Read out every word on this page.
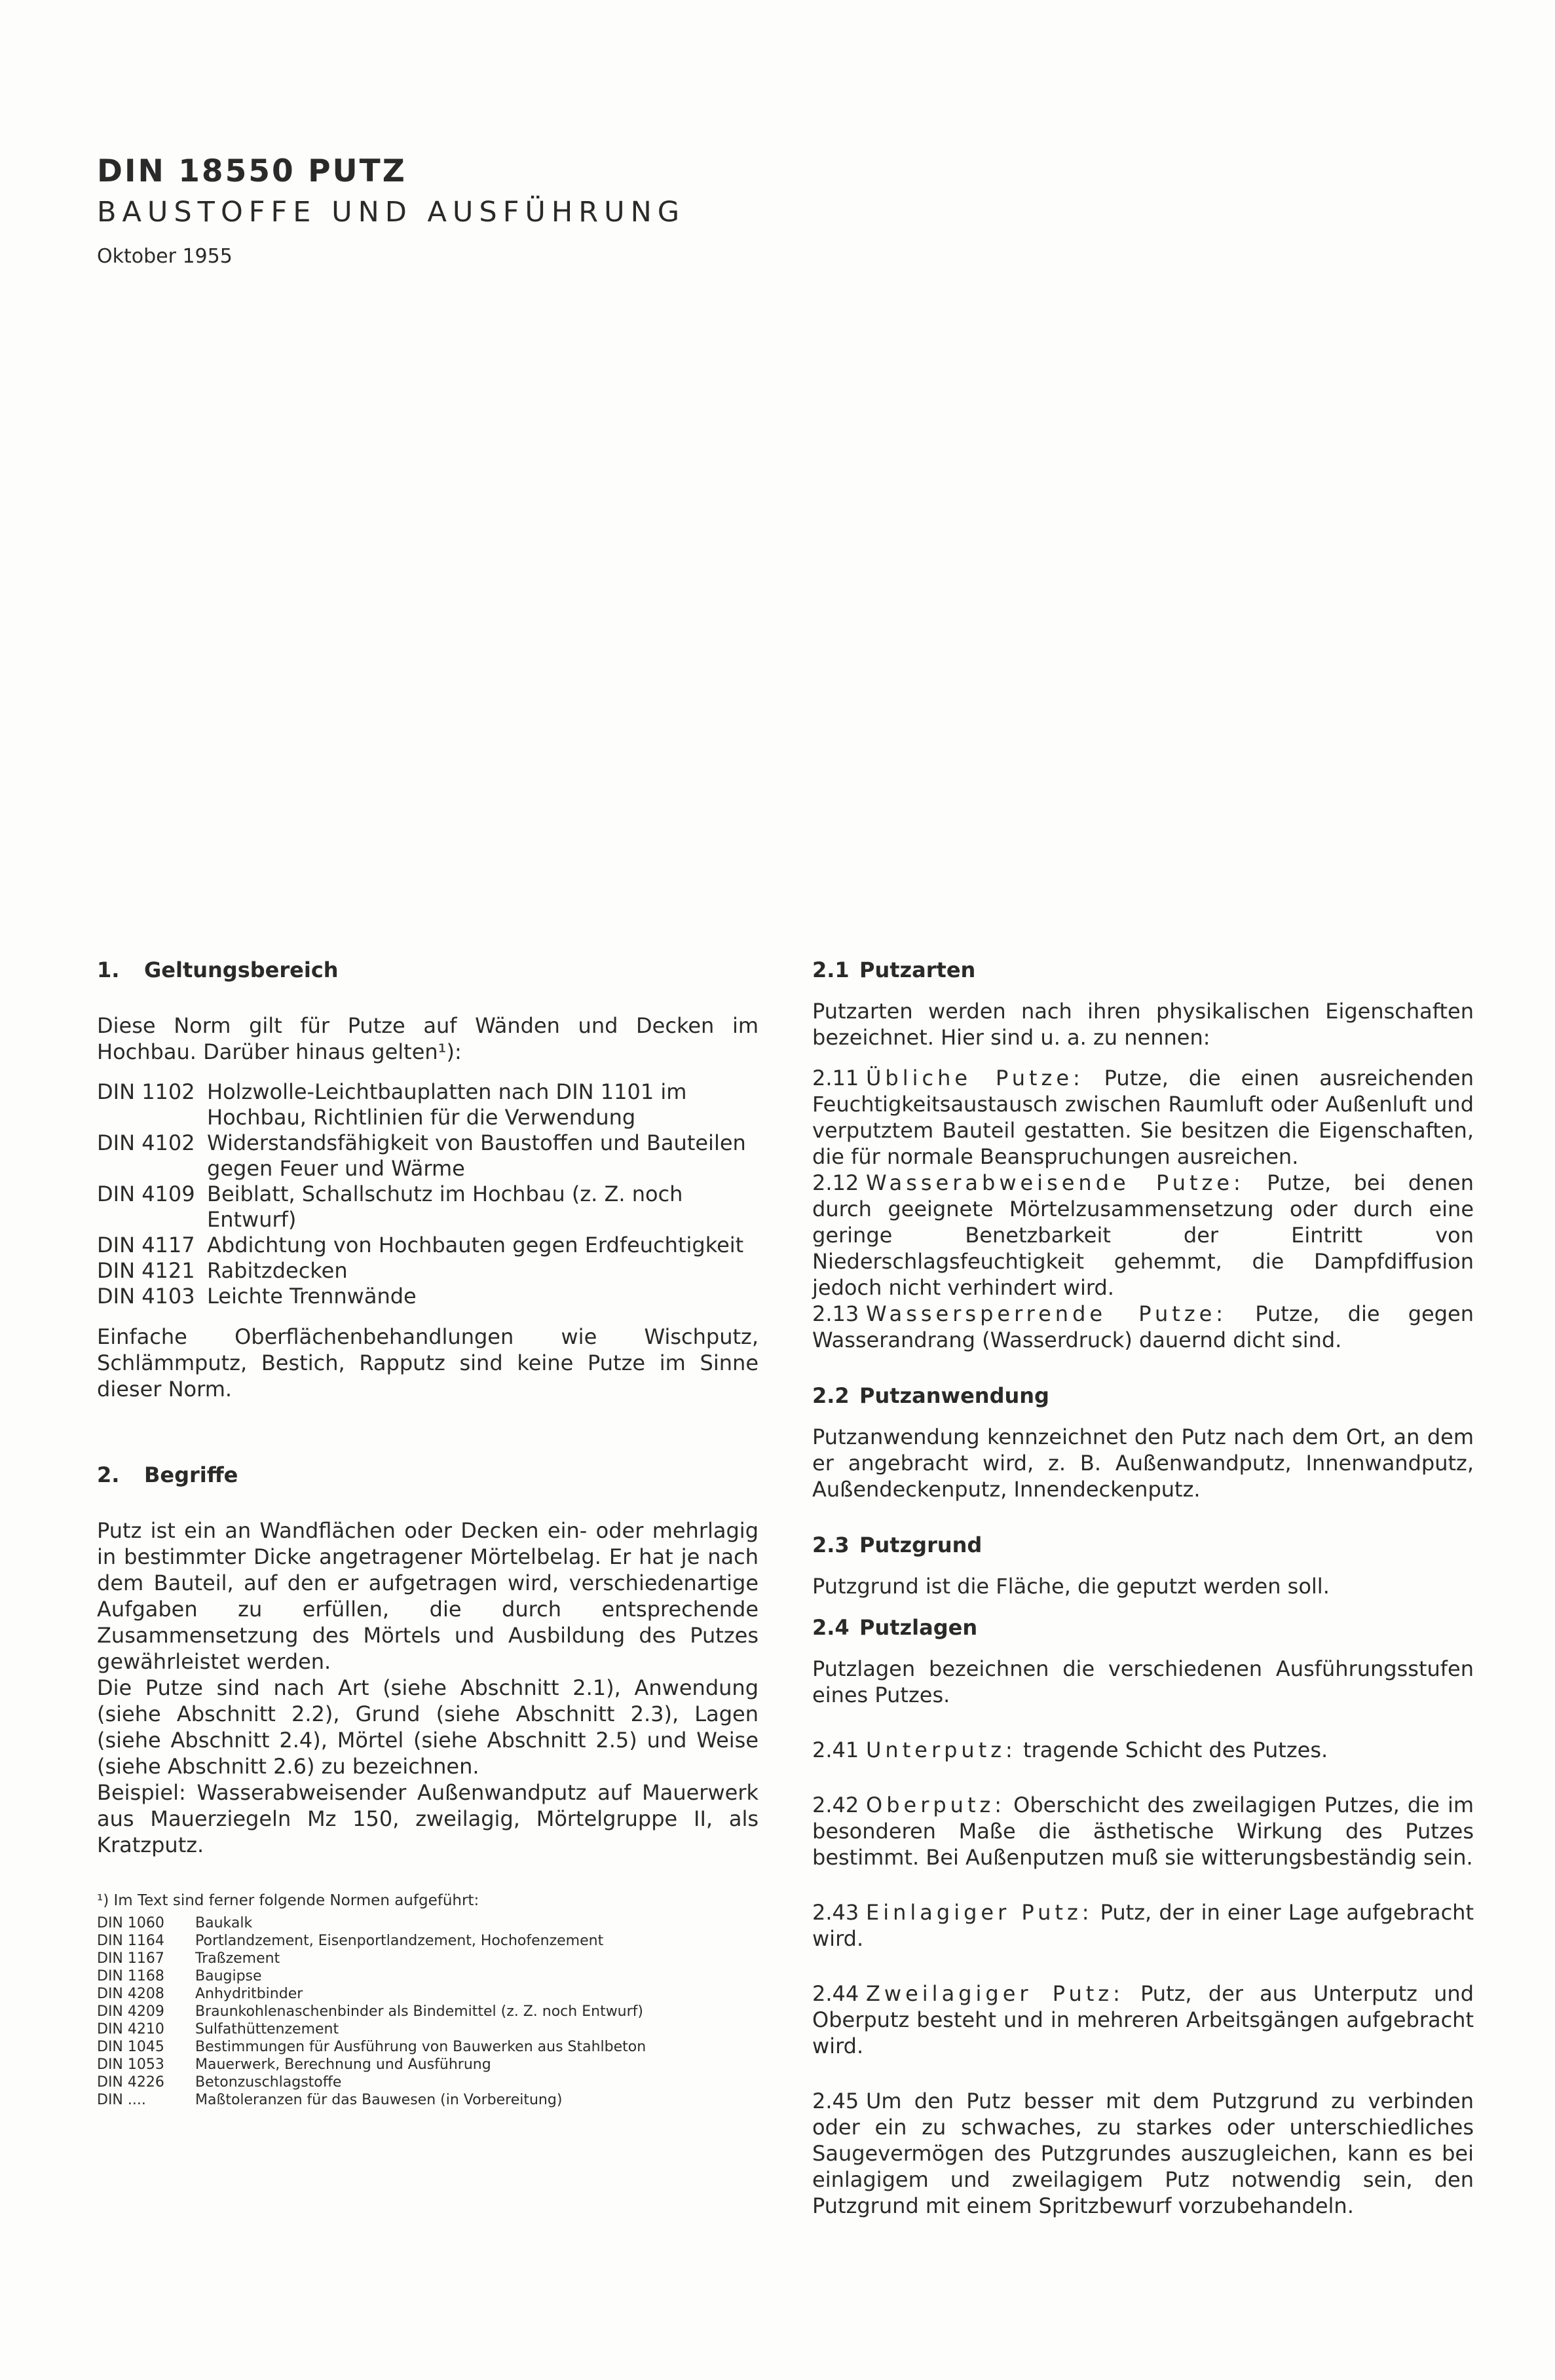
DIN 18550 PUTZ
BAUSTOFFE UND AUSFÜHRUNG
Oktober 1955
1. Geltungsbereich

Diese Norm gilt für Putze auf Wänden und Decken im Hochbau. Darüber hinaus gelten¹):

DIN 1102 Holzwolle-Leichtbauplatten nach DIN 1101 im Hochbau, Richtlinien für die Verwendung
DIN 4102 Widerstandsfähigkeit von Baustoffen und Bauteilen gegen Feuer und Wärme
DIN 4109 Beiblatt, Schallschutz im Hochbau (z. Z. noch Entwurf)
DIN 4117 Abdichtung von Hochbauten gegen Erdfeuchtigkeit
DIN 4121 Rabitzdecken
DIN 4103 Leichte Trennwände

Einfache Oberflächenbehandlungen wie Wischputz, Schlämmputz, Bestich, Rapputz sind keine Putze im Sinne dieser Norm.

2. Begriffe

Putz ist ein an Wandflächen oder Decken ein- oder mehrlagig in bestimmter Dicke angetragener Mörtelbelag. Er hat je nach dem Bauteil, auf den er aufgetragen wird, verschiedenartige Aufgaben zu erfüllen, die durch entsprechende Zusammensetzung des Mörtels und Ausbildung des Putzes gewährleistet werden.

Die Putze sind nach Art (siehe Abschnitt 2.1), Anwendung (siehe Abschnitt 2.2), Grund (siehe Abschnitt 2.3), Lagen (siehe Abschnitt 2.4), Mörtel (siehe Abschnitt 2.5) und Weise (siehe Abschnitt 2.6) zu bezeichnen.

Beispiel: Wasserabweisender Außenwandputz auf Mauerwerk aus Mauerziegeln Mz 150, zweilagig, Mörtelgruppe II, als Kratzputz.

¹) Im Text sind ferner folgende Normen aufgeführt:
DIN 1060	Baukalk
DIN 1164	Portlandzement, Eisenportlandzement, Hochofenzement
DIN 1167	Traßzement
DIN 1168	Baugipse
DIN 4208	Anhydritbinder
DIN 4209	Braunkohlenaschenbinder als Bindemittel (z. Z. noch Entwurf)
DIN 4210	Sulfathüttenzement
DIN 1045	Bestimmungen für Ausführung von Bauwerken aus Stahlbeton
DIN 1053	Mauerwerk, Berechnung und Ausführung
DIN 4226	Betonzuschlagstoffe
DIN ....	Maßtoleranzen für das Bauwesen (in Vorbereitung)
2.1 Putzarten

Putzarten werden nach ihren physikalischen Eigenschaften bezeichnet. Hier sind u. a. zu nennen:

2.11 Übliche Putze: Putze, die einen ausreichenden Feuchtigkeitsaustausch zwischen Raumluft oder Außenluft und verputztem Bauteil gestatten. Sie besitzen die Eigenschaften, die für normale Beanspruchungen ausreichen.

2.12 Wasserabweisende Putze: Putze, bei denen durch geeignete Mörtelzusammensetzung oder durch eine geringe Benetzbarkeit der Eintritt von Niederschlagsfeuchtigkeit gehemmt, die Dampfdiffusion jedoch nicht verhindert wird.

2.13 Wassersperrende Putze: Putze, die gegen Wasserandrang (Wasserdruck) dauernd dicht sind.

2.2 Putzanwendung

Putzanwendung kennzeichnet den Putz nach dem Ort, an dem er angebracht wird, z. B. Außenwandputz, Innenwandputz, Außendeckenputz, Innendeckenputz.

2.3 Putzgrund

Putzgrund ist die Fläche, die geputzt werden soll.

2.4 Putzlagen

Putzlagen bezeichnen die verschiedenen Ausführungsstufen eines Putzes.

2.41 Unterputz: tragende Schicht des Putzes.

2.42 Oberputz: Oberschicht des zweilagigen Putzes, die im besonderen Maße die ästhetische Wirkung des Putzes bestimmt. Bei Außenputzen muß sie witterungsbeständig sein.

2.43 Einlagiger Putz: Putz, der in einer Lage aufgebracht wird.

2.44 Zweilagiger Putz: Putz, der aus Unterputz und Oberputz besteht und in mehreren Arbeitsgängen aufgebracht wird.

2.45 Um den Putz besser mit dem Putzgrund zu verbinden oder ein zu schwaches, zu starkes oder unterschiedliches Saugevermögen des Putzgrundes auszugleichen, kann es bei einlagigem und zweilagigem Putz notwendig sein, den Putzgrund mit einem Spritzbewurf vorzubehandeln.
